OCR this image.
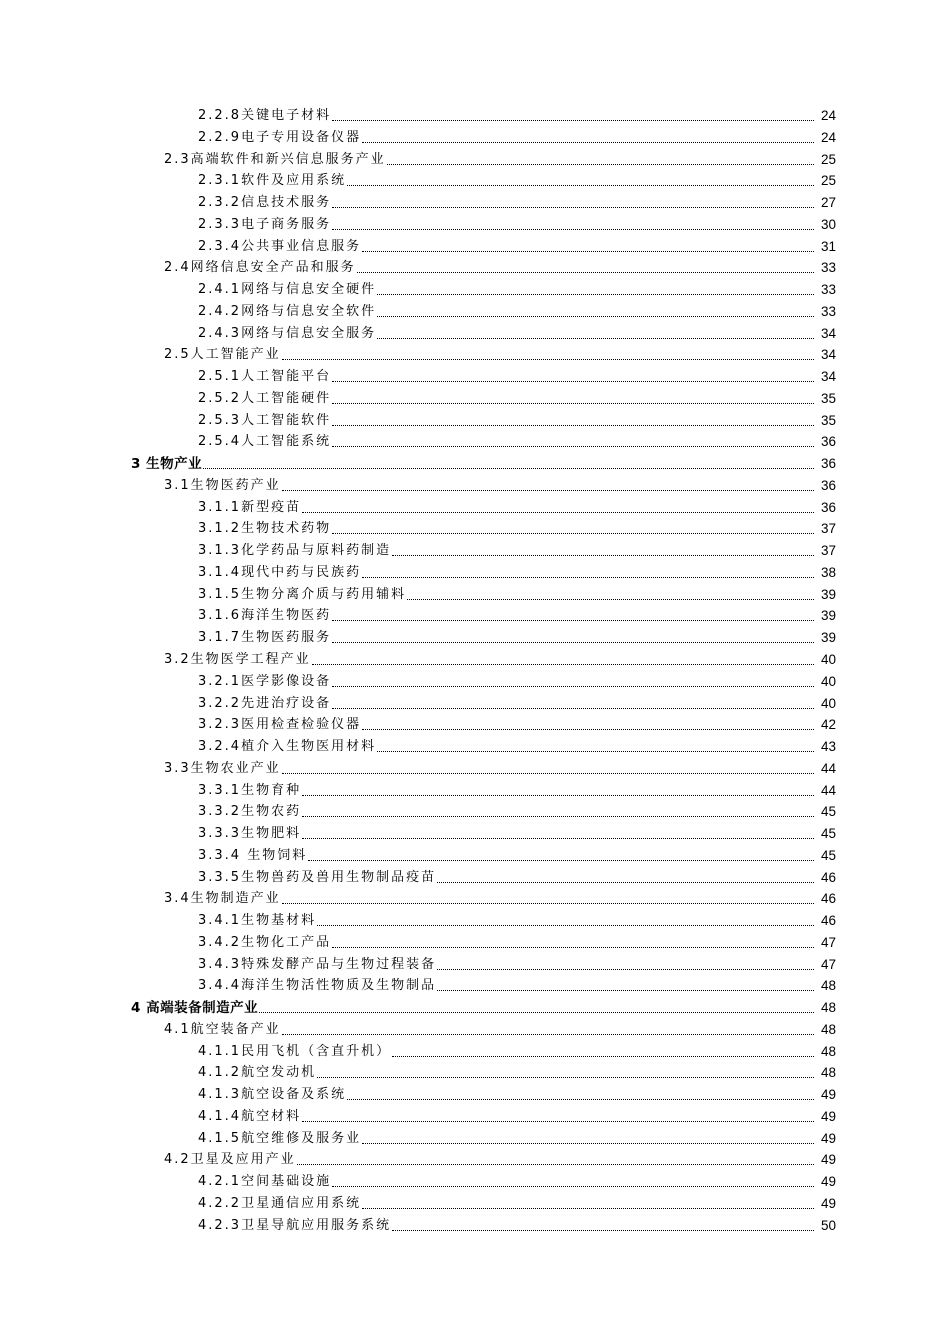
2.2.8关键电子材料	24
2.2.9电子专用设备仪器	24
2.3高端软件和新兴信息服务产业	25
2.3.1软件及应用系统	25
2.3.2信息技术服务	27
2.3.3电子商务服务	30
2.3.4公共事业信息服务	31
2.4网络信息安全产品和服务	33
2.4.1网络与信息安全硬件	33
2.4.2网络与信息安全软件	33
2.4.3网络与信息安全服务	34
2.5人工智能产业	34
2.5.1人工智能平台	34
2.5.2人工智能硬件	35
2.5.3人工智能软件	35
2.5.4人工智能系统	36
3 生物产业	36
3.1生物医药产业	36
3.1.1新型疫苗	36
3.1.2生物技术药物	37
3.1.3化学药品与原料药制造	37
3.1.4现代中药与民族药	38
3.1.5生物分离介质与药用辅料	39
3.1.6海洋生物医药	39
3.1.7生物医药服务	39
3.2生物医学工程产业	40
3.2.1医学影像设备	40
3.2.2先进治疗设备	40
3.2.3医用检查检验仪器	42
3.2.4植介入生物医用材料	43
3.3生物农业产业	44
3.3.1生物育种	44
3.3.2生物农药	45
3.3.3生物肥料	45
3.3.4 生物饲料	45
3.3.5生物兽药及兽用生物制品疫苗	46
3.4生物制造产业	46
3.4.1生物基材料	46
3.4.2生物化工产品	47
3.4.3特殊发酵产品与生物过程装备	47
3.4.4海洋生物活性物质及生物制品	48
4 高端装备制造产业	48
4.1航空装备产业	48
4.1.1民用飞机（含直升机）	48
4.1.2航空发动机	48
4.1.3航空设备及系统	49
4.1.4航空材料	49
4.1.5航空维修及服务业	49
4.2卫星及应用产业	49
4.2.1空间基础设施	49
4.2.2卫星通信应用系统	49
4.2.3卫星导航应用服务系统	50
